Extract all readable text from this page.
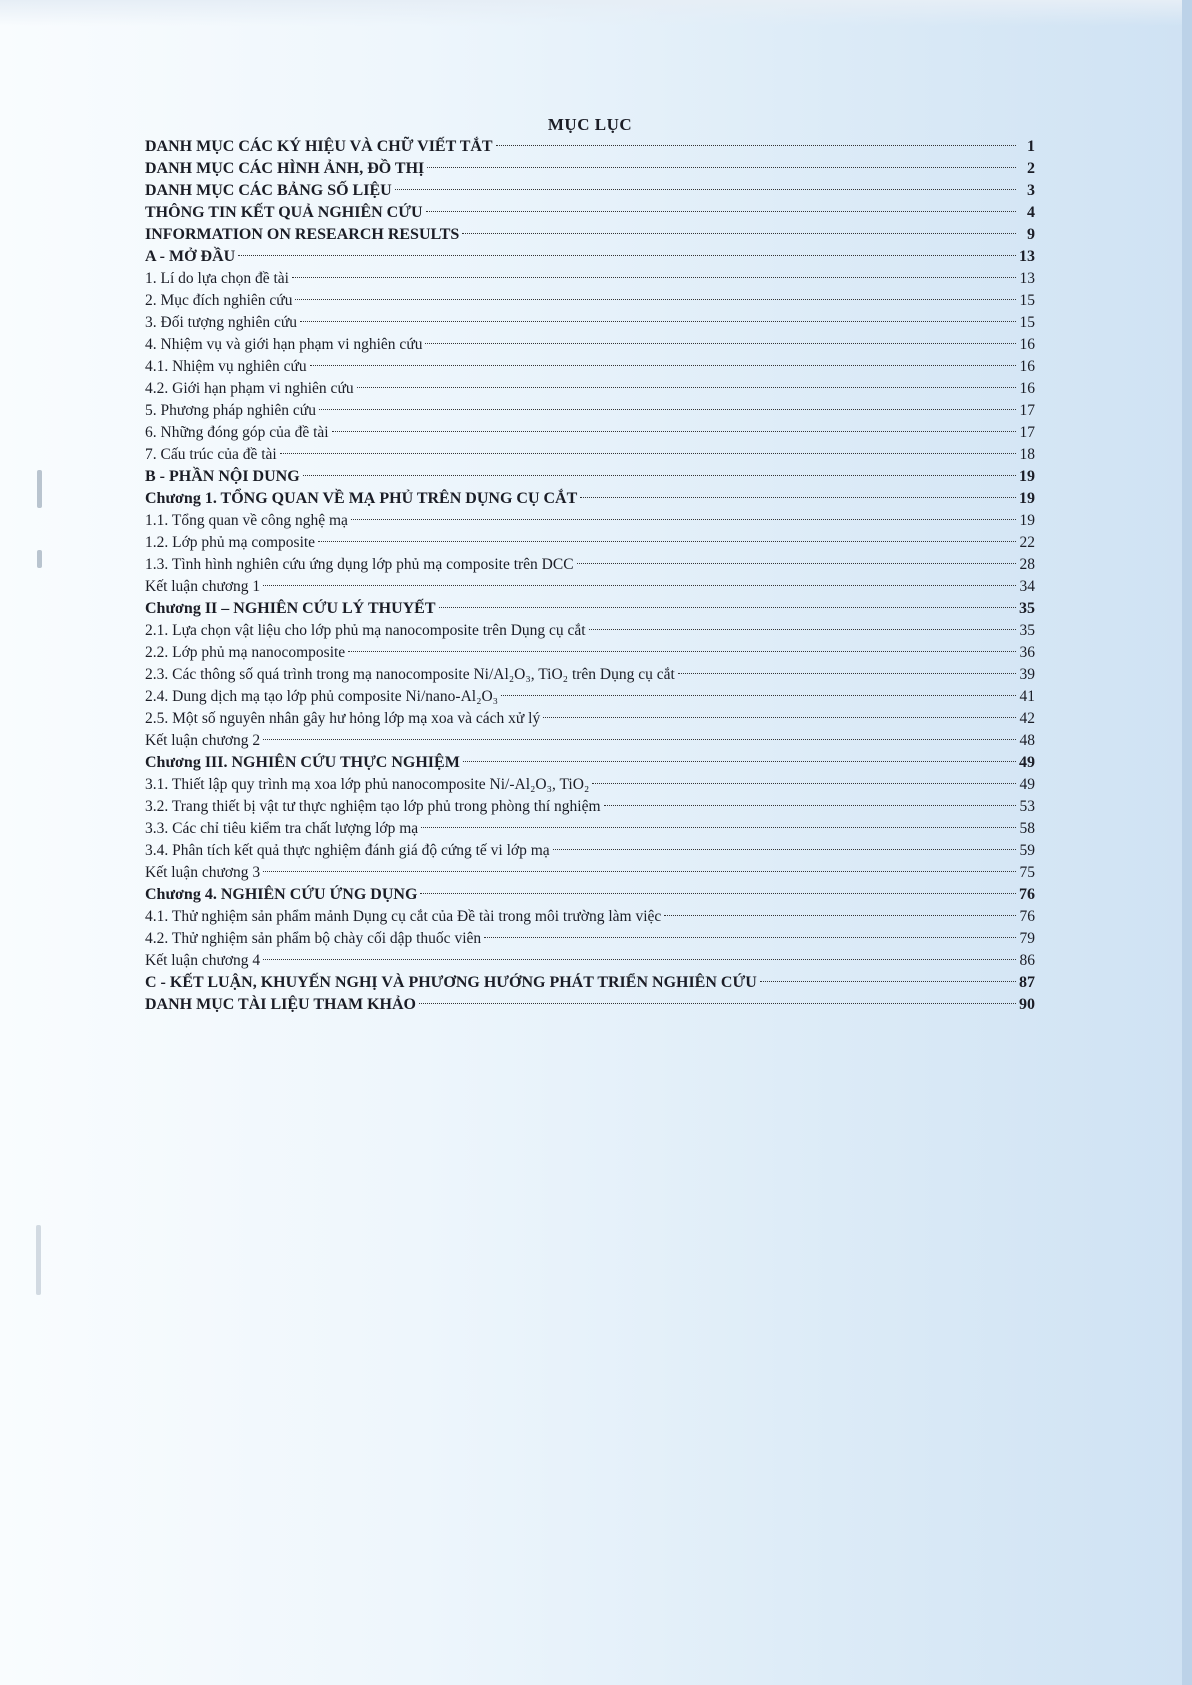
MỤC LỤC
DANH MỤC CÁC KÝ HIỆU VÀ CHỮ VIẾT TẮT	1
DANH MỤC CÁC HÌNH ẢNH, ĐỒ THỊ	2
DANH MỤC CÁC BẢNG SỐ LIỆU	3
THÔNG TIN KẾT QUẢ NGHIÊN CỨU	4
INFORMATION ON RESEARCH RESULTS	9
A - MỞ ĐẦU	13
1. Lí do lựa chọn đề tài	13
2. Mục đích nghiên cứu	15
3. Đối tượng nghiên cứu	15
4. Nhiệm vụ và giới hạn phạm vi nghiên cứu	16
4.1. Nhiệm vụ nghiên cứu	16
4.2. Giới hạn phạm vi nghiên cứu	16
5. Phương pháp nghiên cứu	17
6. Những đóng góp của đề tài	17
7. Cấu trúc của đề tài	18
B - PHẦN NỘI DUNG	19
Chương 1. TỔNG QUAN VỀ MẠ PHỦ TRÊN DỤNG CỤ CẮT	19
1.1. Tổng quan về công nghệ mạ	19
1.2. Lớp phủ mạ composite	22
1.3. Tình hình nghiên cứu ứng dụng lớp phủ mạ composite trên DCC	28
Kết luận chương 1	34
Chương II – NGHIÊN CỨU LÝ THUYẾT	35
2.1. Lựa chọn vật liệu cho lớp phủ mạ nanocomposite trên Dụng cụ cắt	35
2.2. Lớp phủ mạ nanocomposite	36
2.3. Các thông số quá trình trong mạ nanocomposite Ni/Al₂O₃, TiO₂ trên Dụng cụ cắt	39
2.4. Dung dịch mạ tạo lớp phủ composite Ni/nano-Al₂O₃	41
2.5. Một số nguyên nhân gây hư hỏng lớp mạ xoa và cách xử lý	42
Kết luận chương 2	48
Chương III. NGHIÊN CỨU THỰC NGHIỆM	49
3.1. Thiết lập quy trình mạ xoa lớp phủ nanocomposite Ni/-Al₂O₃, TiO₂	49
3.2. Trang thiết bị vật tư thực nghiệm tạo lớp phủ trong phòng thí nghiệm	53
3.3. Các chỉ tiêu kiểm tra chất lượng lớp mạ	58
3.4. Phân tích kết quả thực nghiệm đánh giá độ cứng tế vi lớp mạ	59
Kết luận chương 3	75
Chương 4. NGHIÊN CỨU ỨNG DỤNG	76
4.1. Thử nghiệm sản phẩm mảnh Dụng cụ cắt của Đề tài trong môi trường làm việc	76
4.2. Thử nghiệm sản phẩm bộ chày cối dập thuốc viên	79
Kết luận chương 4	86
C - KẾT LUẬN, KHUYẾN NGHỊ VÀ PHƯƠNG HƯỚNG PHÁT TRIỂN NGHIÊN CỨU	87
DANH MỤC TÀI LIỆU THAM KHẢO	90
